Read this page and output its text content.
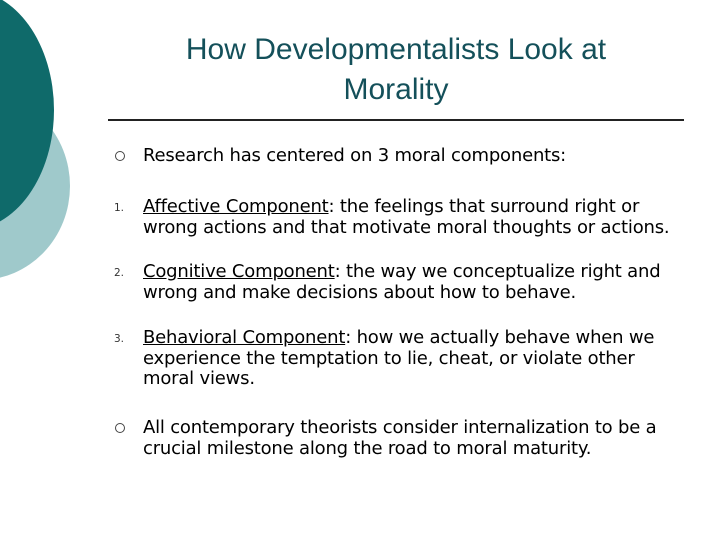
How Developmentalists Look at
Morality
Research has centered on 3 moral components:
1. Affective Component: the feelings that surround right or wrong actions and that motivate moral thoughts or actions.
2. Cognitive Component: the way we conceptualize right and wrong and make decisions about how to behave.
3. Behavioral Component: how we actually behave when we experience the temptation to lie, cheat, or violate other moral views.
All contemporary theorists consider internalization to be a crucial milestone along the road to moral maturity.
